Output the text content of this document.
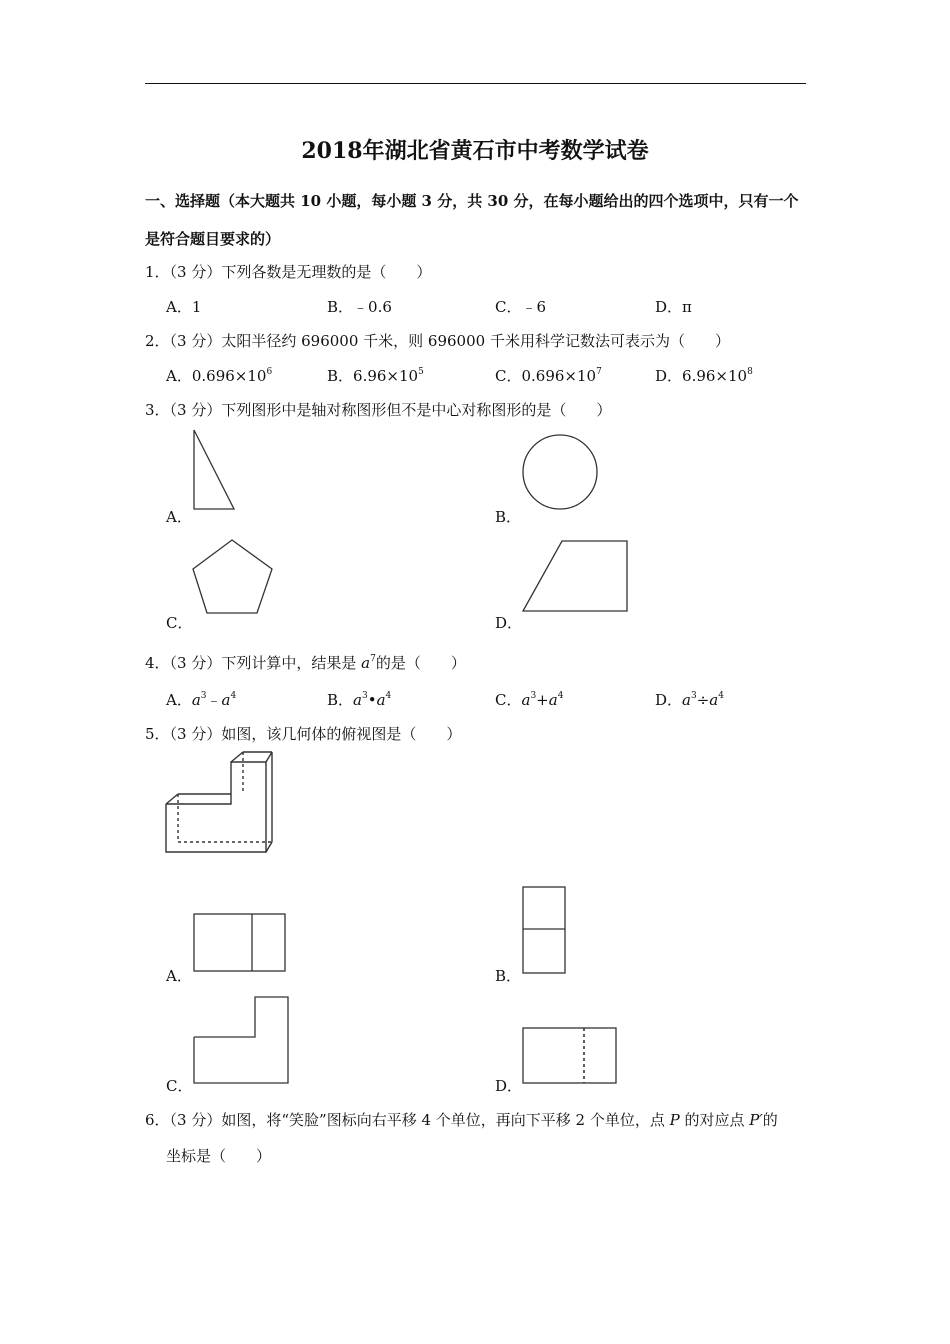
2018年湖北省黄石市中考数学试卷
一、选择题（本大题共 10 小题，每小题 3 分，共 30 分，在每小题给出的四个选项中，只有一个
是符合题目要求的）
1．（3 分）下列各数是无理数的是（　　）
A．1	B．﹣0.6	C．﹣6	D．π
2．（3 分）太阳半径约 696000 千米，则 696000 千米用科学记数法可表示为（　　）
A．$0.696\times 10^6$	B．$6.96\times 10^5$	C．$0.696\times 10^7$	D．$6.96\times 10^8$
3．（3 分）下列图形中是轴对称图形但不是中心对称图形的是（　　）
A．	B．
C．	D．
4．（3 分）下列计算中，结果是 $a^7$的是（　　）
A．$a^3﹣a^4$	B．$a^3•a^4$	C．$a^3+a^4$	D．$a^3\div a^4$
5．（3 分）如图，该几何体的俯视图是（　　）
A．	B．
C．	D．
6．（3 分）如图，将“笑脸”图标向右平移 4 个单位，再向下平移 2 个单位，点 P 的对应点 P′的
坐标是（　　）
